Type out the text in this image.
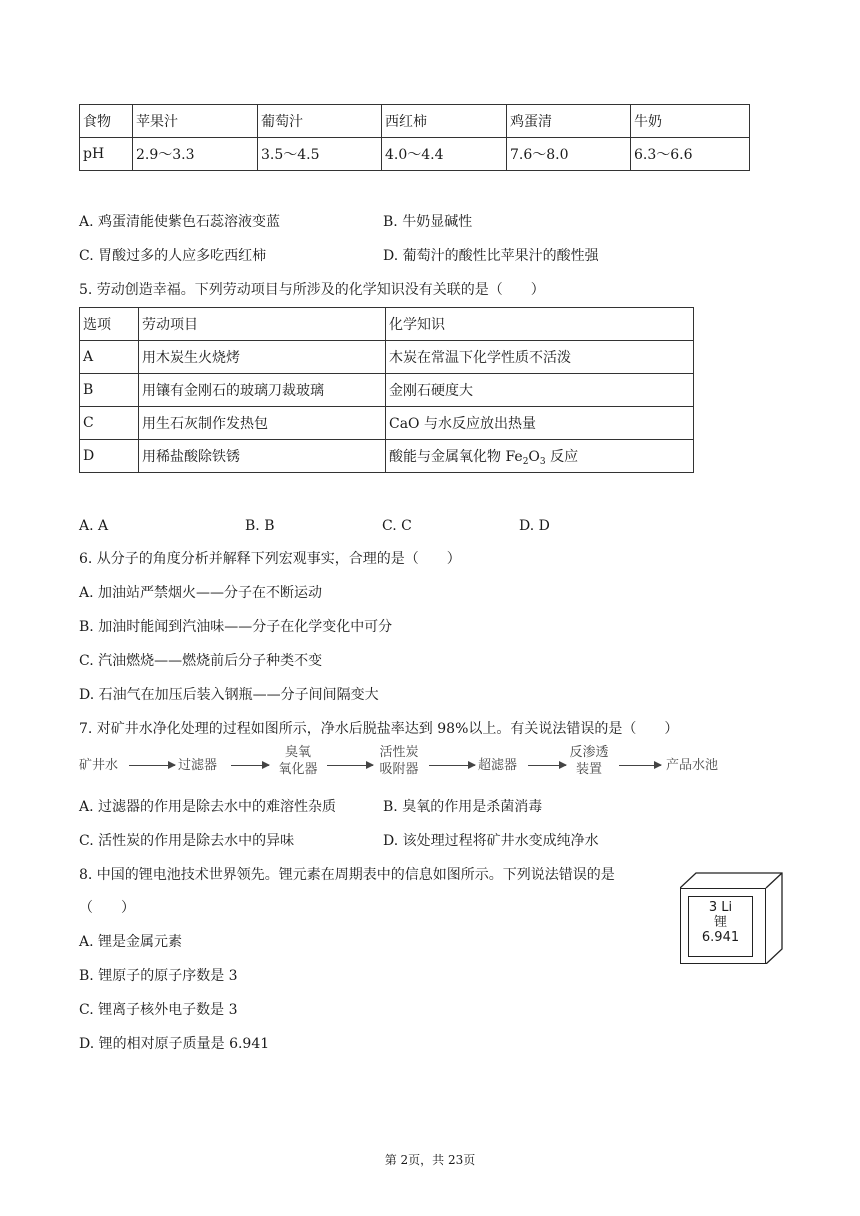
食物	苹果汁	葡萄汁	西红柿	鸡蛋清	牛奶
pH	2.9～3.3	3.5～4.5	4.0～4.4	7.6～8.0	6.3～6.6
A. 鸡蛋清能使紫色石蕊溶液变蓝	B. 牛奶显碱性
C. 胃酸过多的人应多吃西红柿	D. 葡萄汁的酸性比苹果汁的酸性强
5. 劳动创造幸福。下列劳动项目与所涉及的化学知识没有关联的是（　　）
选项	劳动项目	化学知识
A	用木炭生火烧烤	木炭在常温下化学性质不活泼
B	用镶有金刚石的玻璃刀裁玻璃	金刚石硬度大
C	用生石灰制作发热包	CaO 与水反应放出热量
D	用稀盐酸除铁锈	酸能与金属氧化物 $Fe_2O_3$ 反应
A. A	B. B	C. C	D. D
6. 从分子的角度分析并解释下列宏观事实，合理的是（　　）
A. 加油站严禁烟火——分子在不断运动
B. 加油时能闻到汽油味——分子在化学变化中可分
C. 汽油燃烧——燃烧前后分子种类不变
D. 石油气在加压后装入钢瓶——分子间间隔变大
7. 对矿井水净化处理的过程如图所示，净水后脱盐率达到 98%以上。有关说法错误的是（　　）
矿井水	过滤器
臭氧
氧化器
活性炭
吸附器	超滤器
反渗透
装置	产品水池
A. 过滤器的作用是除去水中的难溶性杂质	B. 臭氧的作用是杀菌消毒
C. 活性炭的作用是除去水中的异味	D. 该处理过程将矿井水变成纯净水
8. 中国的锂电池技术世界领先。锂元素在周期表中的信息如图所示。下列说法错误的是
（　　）	3 Li
锂
6.941
A. 锂是金属元素
B. 锂原子的原子序数是 3
C. 锂离子核外电子数是 3
D. 锂的相对原子质量是 6.941
第 2页，共 23页
